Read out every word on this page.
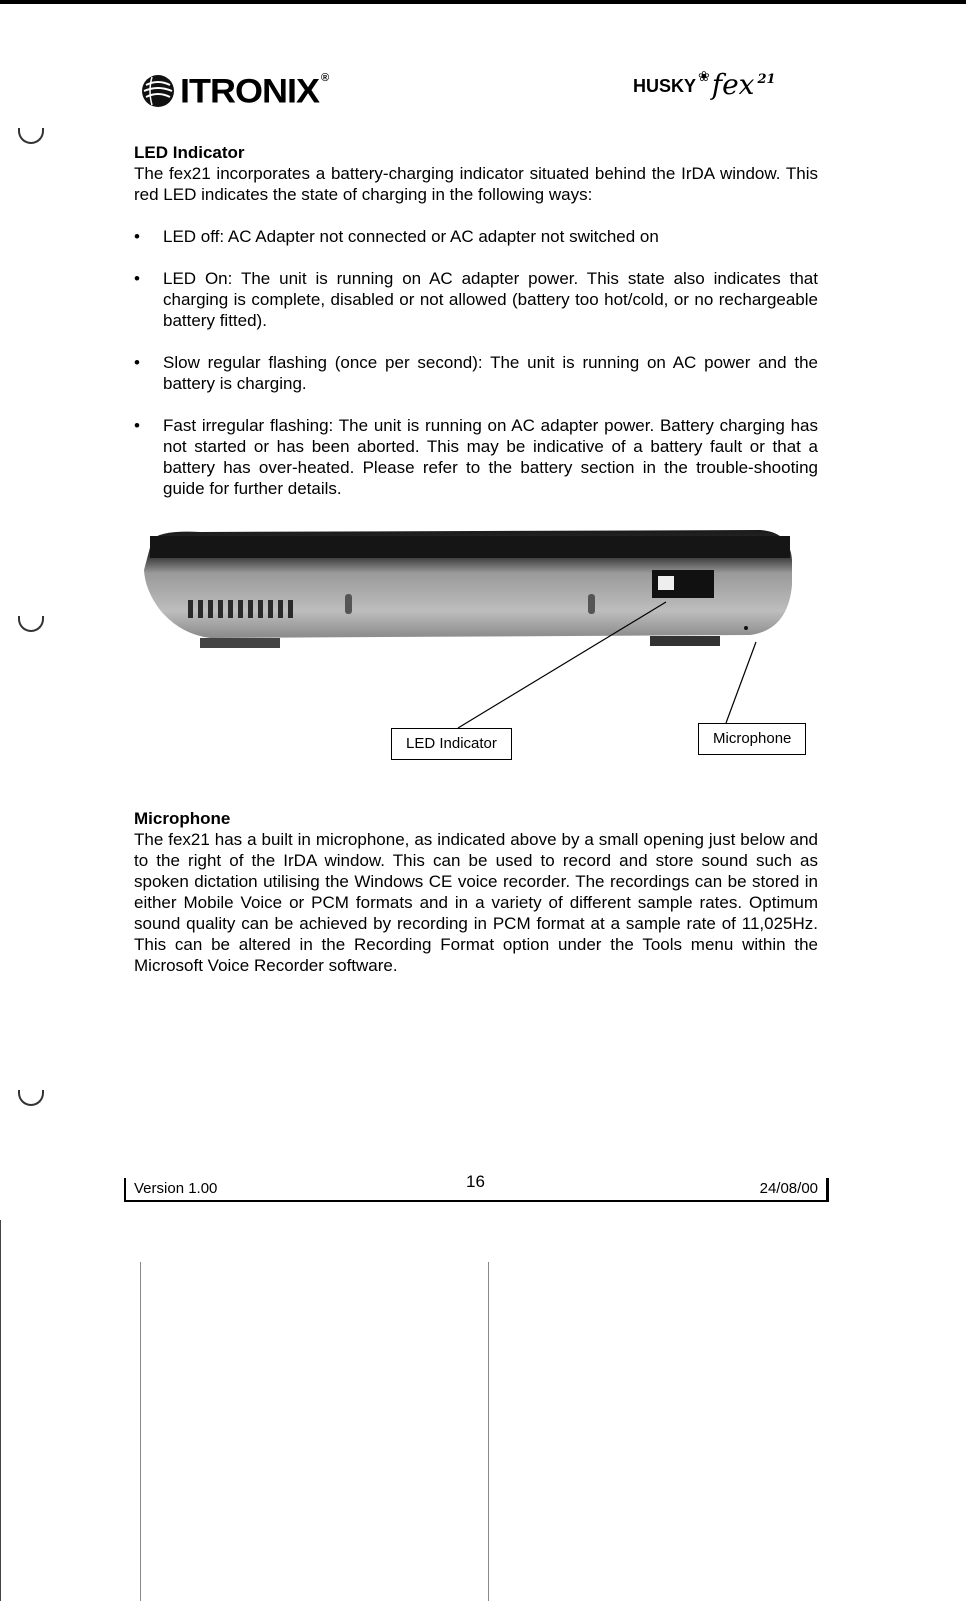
ITRONIX ®	HUSKY ❀ fex 21
LED Indicator

The fex21 incorporates a battery-charging indicator situated behind the IrDA window. This red LED indicates the state of charging in the following ways:

• LED off: AC Adapter not connected or AC adapter not switched on
• LED On: The unit is running on AC adapter power. This state also indicates that charging is complete, disabled or not allowed (battery too hot/cold, or no rechargeable battery fitted).
• Slow regular flashing (once per second): The unit is running on AC power and the battery is charging.
• Fast irregular flashing: The unit is running on AC adapter power. Battery charging has not started or has been aborted. This may be indicative of a battery fault or that a battery has over-heated. Please refer to the battery section in the trouble-shooting guide for further details.
LED Indicator	Microphone
Microphone

The fex21 has a built in microphone, as indicated above by a small opening just below and to the right of the IrDA window. This can be used to record and store sound such as spoken dictation utilising the Windows CE voice recorder. The recordings can be stored in either Mobile Voice or PCM formats and in a variety of different sample rates. Optimum sound quality can be achieved by recording in PCM format at a sample rate of 11,025Hz. This can be altered in the Recording Format option under the Tools menu within the Microsoft Voice Recorder software.

Version 1.00	16	24/08/00
